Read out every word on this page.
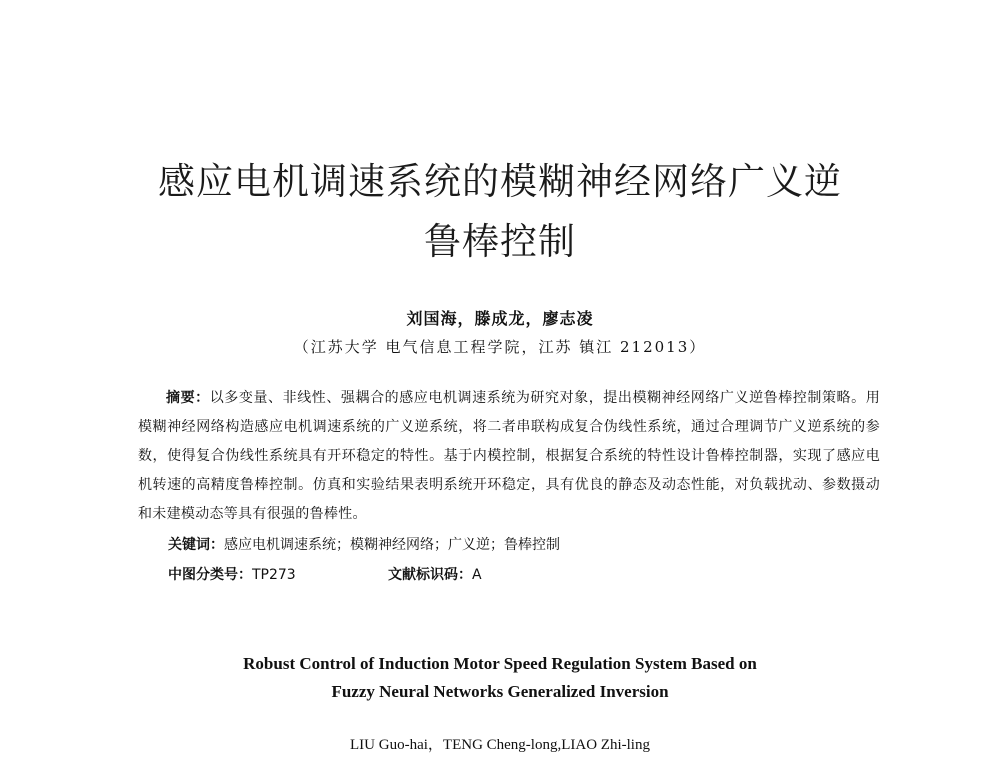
感应电机调速系统的模糊神经网络广义逆
鲁棒控制
刘国海，滕成龙，廖志凌
（江苏大学 电气信息工程学院，江苏 镇江 212013）
摘要：以多变量、非线性、强耦合的感应电机调速系统为研究对象，提出模糊神经网络广义逆鲁棒控制策略。用模糊神经网络构造感应电机调速系统的广义逆系统，将二者串联构成复合伪线性系统，通过合理调节广义逆系统的参数，使得复合伪线性系统具有开环稳定的特性。基于内模控制，根据复合系统的特性设计鲁棒控制器，实现了感应电机转速的高精度鲁棒控制。仿真和实验结果表明系统开环稳定，具有优良的静态及动态性能，对负载扰动、参数摄动和未建模动态等具有很强的鲁棒性。
关键词：感应电机调速系统；模糊神经网络；广义逆；鲁棒控制
中图分类号：TP273	文献标识码：A
Robust Control of Induction Motor Speed Regulation System Based on
Fuzzy Neural Networks Generalized Inversion
LIU Guo-hai，TENG Cheng-long,LIAO Zhi-ling
